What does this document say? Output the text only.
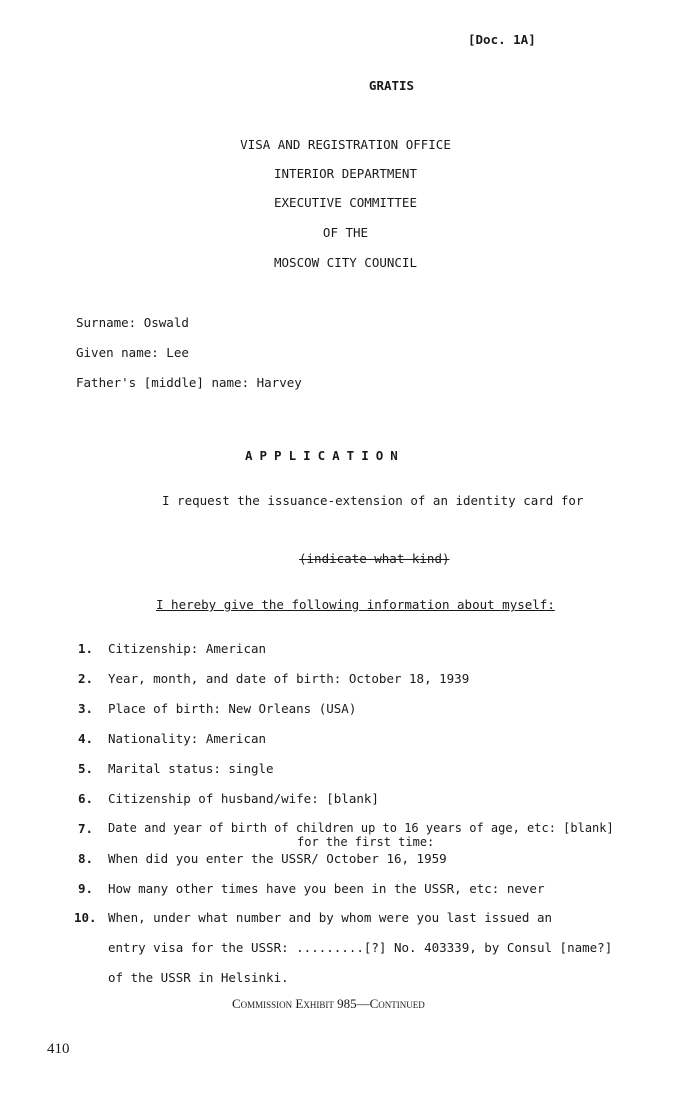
[Doc. 1A]
GRATIS
VISA AND REGISTRATION OFFICE
INTERIOR DEPARTMENT
EXECUTIVE COMMITTEE
OF THE
MOSCOW CITY COUNCIL
Surname: Oswald
Given name: Lee
Father's [middle] name: Harvey
APPLICATION
I request the issuance-extension of an identity card for
(indicate what kind)
I hereby give the following information about myself:
1. Citizenship: American
2. Year, month, and date of birth: October 18, 1939
3. Place of birth: New Orleans (USA)
4. Nationality: American
5. Marital status: single
6. Citizenship of husband/wife: [blank]
7. Date and year of birth of children up to 16 years of age, etc: [blank]
for the first time:
8. When did you enter the USSR/ October 16, 1959
9. How many other times have you been in the USSR, etc: never
10. When, under what number and by whom were you last issued an
entry visa for the USSR: .........[?] No. 403339, by Consul [name?]
of the USSR in Helsinki.
Commission Exhibit 985—Continued
410
